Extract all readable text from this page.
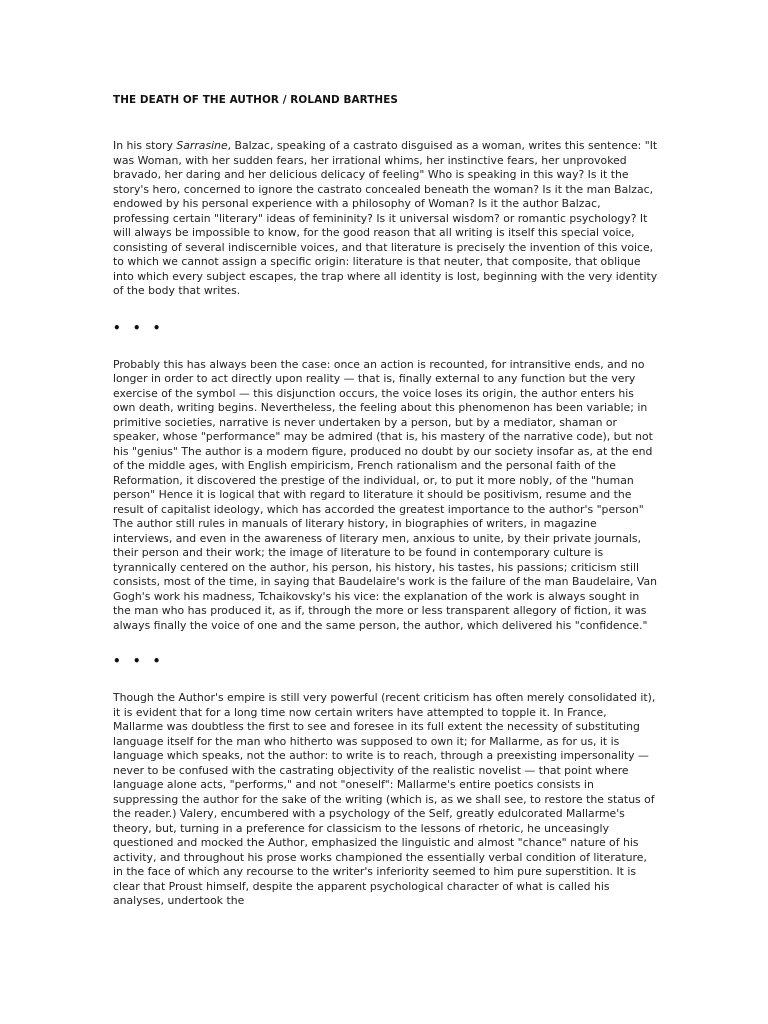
THE DEATH OF THE AUTHOR / ROLAND BARTHES

In his story Sarrasine, Balzac, speaking of a castrato disguised as a woman, writes this sentence: "It was Woman, with her sudden fears, her irrational whims, her instinctive fears, her unprovoked bravado, her daring and her delicious delicacy of feeling" Who is speaking in this way? Is it the story's hero, concerned to ignore the castrato concealed beneath the woman? Is it the man Balzac, endowed by his personal experience with a philosophy of Woman? Is it the author Balzac, professing certain "literary" ideas of femininity? Is it universal wisdom? or romantic psychology? It will always be impossible to know, for the good reason that all writing is itself this special voice, consisting of several indiscernible voices, and that literature is precisely the invention of this voice, to which we cannot assign a specific origin: literature is that neuter, that composite, that oblique into which every subject escapes, the trap where all identity is lost, beginning with the very identity of the body that writes.

• • •

Probably this has always been the case: once an action is recounted, for intransitive ends, and no longer in order to act directly upon reality — that is, finally external to any function but the very exercise of the symbol — this disjunction occurs, the voice loses its origin, the author enters his own death, writing begins. Nevertheless, the feeling about this phenomenon has been variable; in primitive societies, narrative is never undertaken by a person, but by a mediator, shaman or speaker, whose "performance" may be admired (that is, his mastery of the narrative code), but not his "genius" The author is a modern figure, produced no doubt by our society insofar as, at the end of the middle ages, with English empiricism, French rationalism and the personal faith of the Reformation, it discovered the prestige of the individual, or, to put it more nobly, of the "human person" Hence it is logical that with regard to literature it should be positivism, resume and the result of capitalist ideology, which has accorded the greatest importance to the author's "person" The author still rules in manuals of literary history, in biographies of writers, in magazine interviews, and even in the awareness of literary men, anxious to unite, by their private journals, their person and their work; the image of literature to be found in contemporary culture is tyrannically centered on the author, his person, his history, his tastes, his passions; criticism still consists, most of the time, in saying that Baudelaire's work is the failure of the man Baudelaire, Van Gogh's work his madness, Tchaikovsky's his vice: the explanation of the work is always sought in the man who has produced it, as if, through the more or less transparent allegory of fiction, it was always finally the voice of one and the same person, the author, which delivered his "confidence."

• • •

Though the Author's empire is still very powerful (recent criticism has often merely consolidated it), it is evident that for a long time now certain writers have attempted to topple it. In France, Mallarme was doubtless the first to see and foresee in its full extent the necessity of substituting language itself for the man who hitherto was supposed to own it; for Mallarme, as for us, it is language which speaks, not the author: to write is to reach, through a preexisting impersonality — never to be confused with the castrating objectivity of the realistic novelist — that point where language alone acts, "performs," and not "oneself": Mallarme's entire poetics consists in suppressing the author for the sake of the writing (which is, as we shall see, to restore the status of the reader.) Valery, encumbered with a psychology of the Self, greatly edulcorated Mallarme's theory, but, turning in a preference for classicism to the lessons of rhetoric, he unceasingly questioned and mocked the Author, emphasized the linguistic and almost "chance" nature of his activity, and throughout his prose works championed the essentially verbal condition of literature, in the face of which any recourse to the writer's inferiority seemed to him pure superstition. It is clear that Proust himself, despite the apparent psychological character of what is called his analyses, undertook the
